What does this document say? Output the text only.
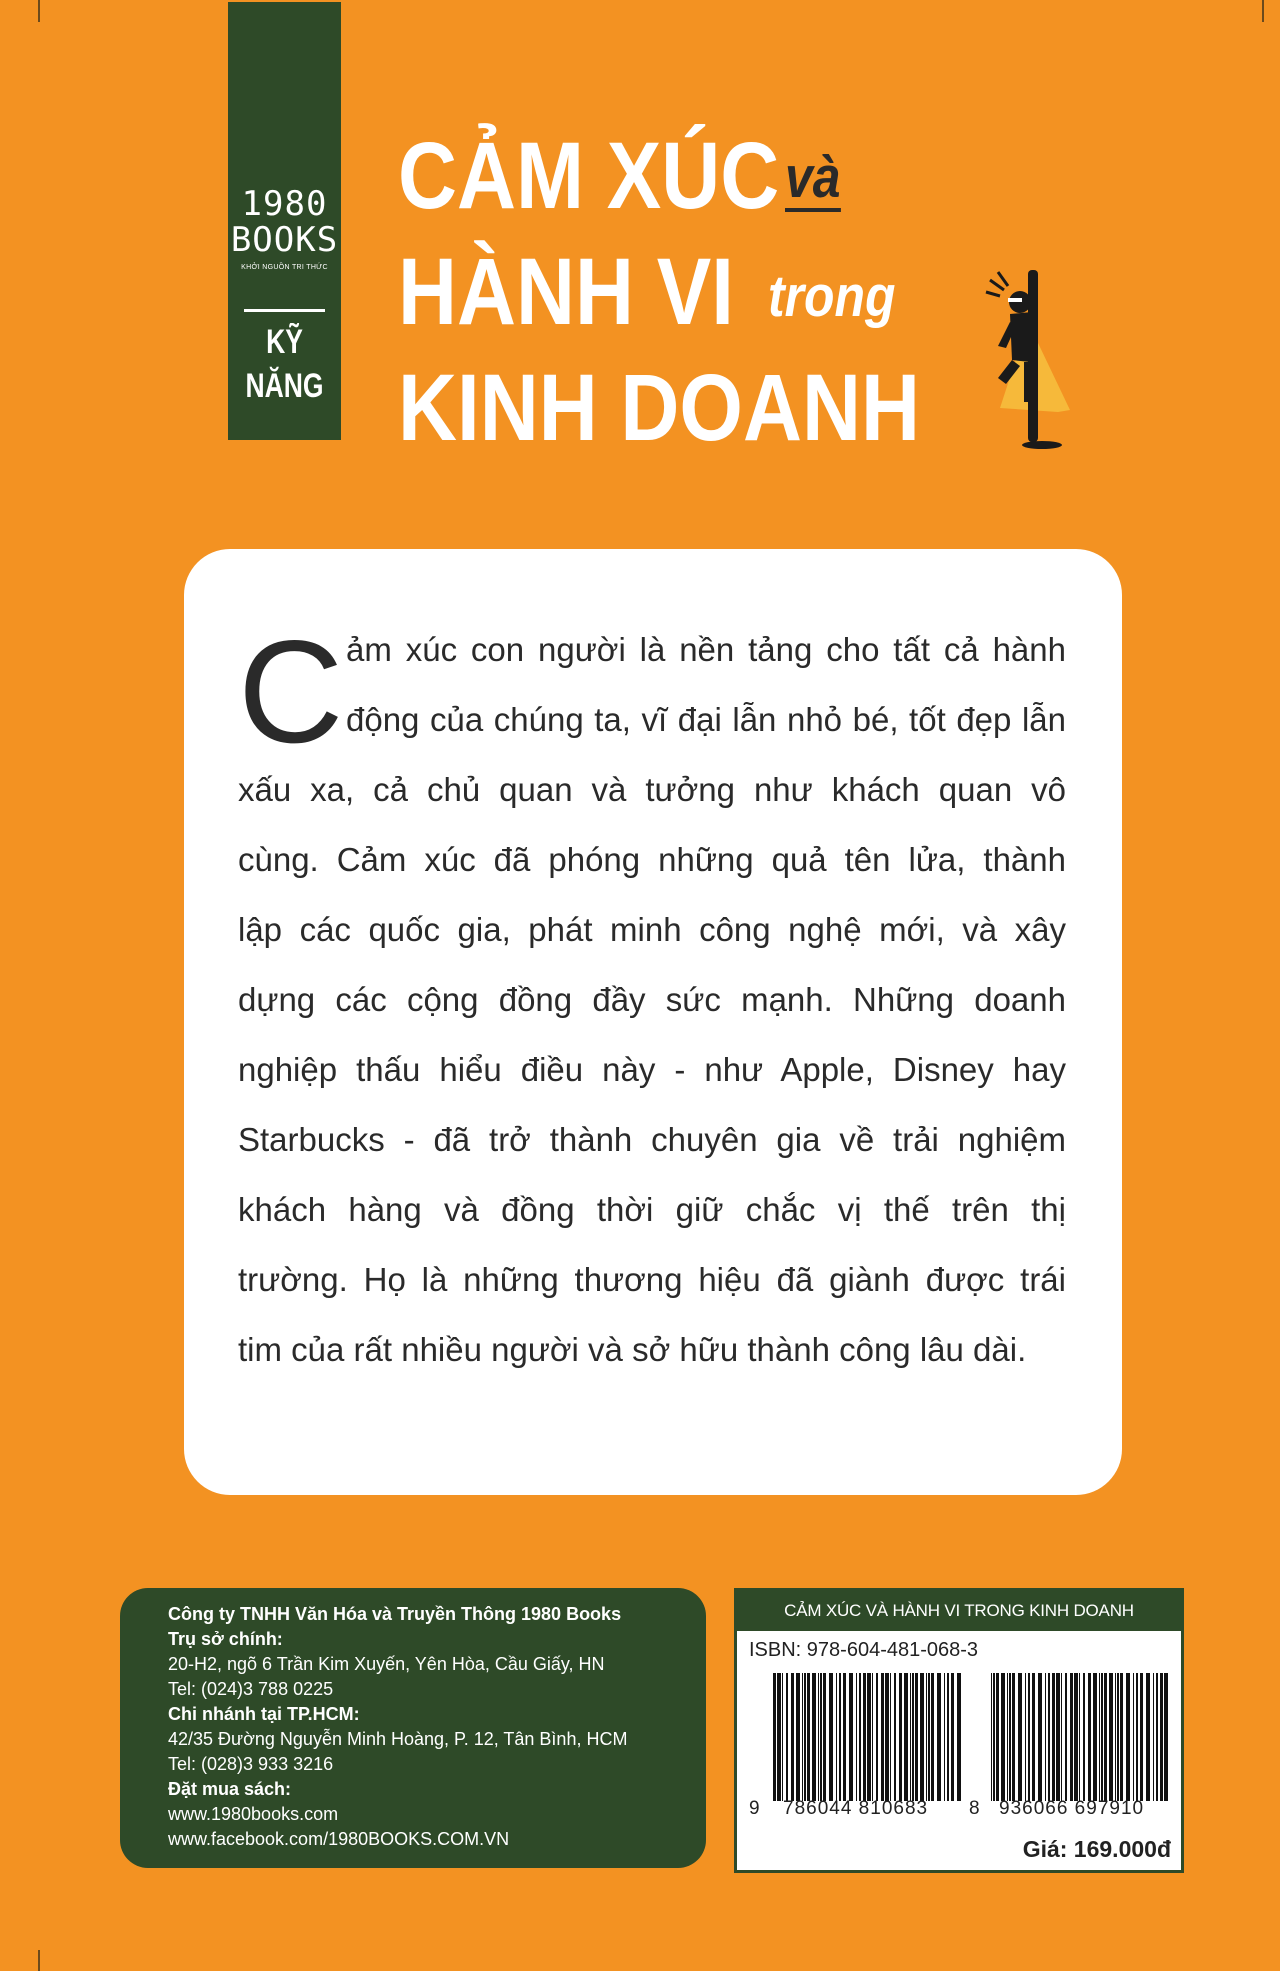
1980
BOOKS
KHỞI NGUỒN TRI THỨC
KỸ
NĂNG
CẢM XÚC
HÀNH VI
KINH DOANH
và
trong
C ảm xúc con người là nền tảng cho tất cả hành
động của chúng ta, vĩ đại lẫn nhỏ bé, tốt đẹp lẫn
xấu xa, cả chủ quan và tưởng như khách quan vô
cùng. Cảm xúc đã phóng những quả tên lửa, thành
lập các quốc gia, phát minh công nghệ mới, và xây
dựng các cộng đồng đầy sức mạnh. Những doanh
nghiệp thấu hiểu điều này - như Apple, Disney hay
Starbucks - đã trở thành chuyên gia về trải nghiệm
khách hàng và đồng thời giữ chắc vị thế trên thị
trường. Họ là những thương hiệu đã giành được trái
tim của rất nhiều người và sở hữu thành công lâu dài.
Công ty TNHH Văn Hóa và Truyền Thông 1980 Books
Trụ sở chính:
20-H2, ngõ 6 Trần Kim Xuyến, Yên Hòa, Cầu Giấy, HN
Tel: (024)3 788 0225
Chi nhánh tại TP.HCM:
42/35 Đường Nguyễn Minh Hoàng, P. 12, Tân Bình, HCM
Tel: (028)3 933 3216
Đặt mua sách:
www.1980books.com
www.facebook.com/1980BOOKS.COM.VN
CẢM XÚC VÀ HÀNH VI TRONG KINH DOANH
ISBN: 978-604-481-068-3
9 786044 810683 8 936066 697910
Giá: 169.000đ
